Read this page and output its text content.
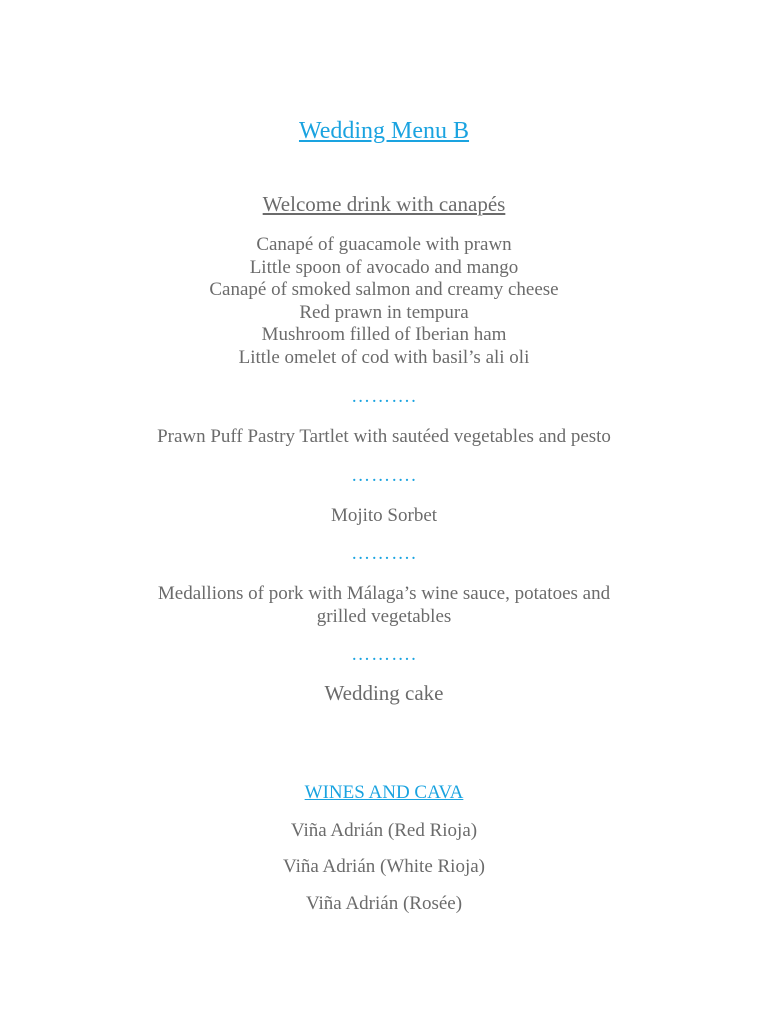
Wedding Menu B
Welcome drink with canapés
Canapé of guacamole with prawn
Little spoon of avocado and mango
Canapé of smoked salmon and creamy cheese
Red prawn in tempura
Mushroom filled of Iberian ham
Little omelet of cod with basil’s ali oli
……….
Prawn Puff Pastry Tartlet with sautéed vegetables and pesto
……….
Mojito Sorbet
……….
Medallions of pork with Málaga’s wine sauce, potatoes and
grilled vegetables
……….
Wedding cake
WINES AND CAVA
Viña Adrián (Red Rioja)
Viña Adrián (White Rioja)
Viña Adrián (Rosée)
